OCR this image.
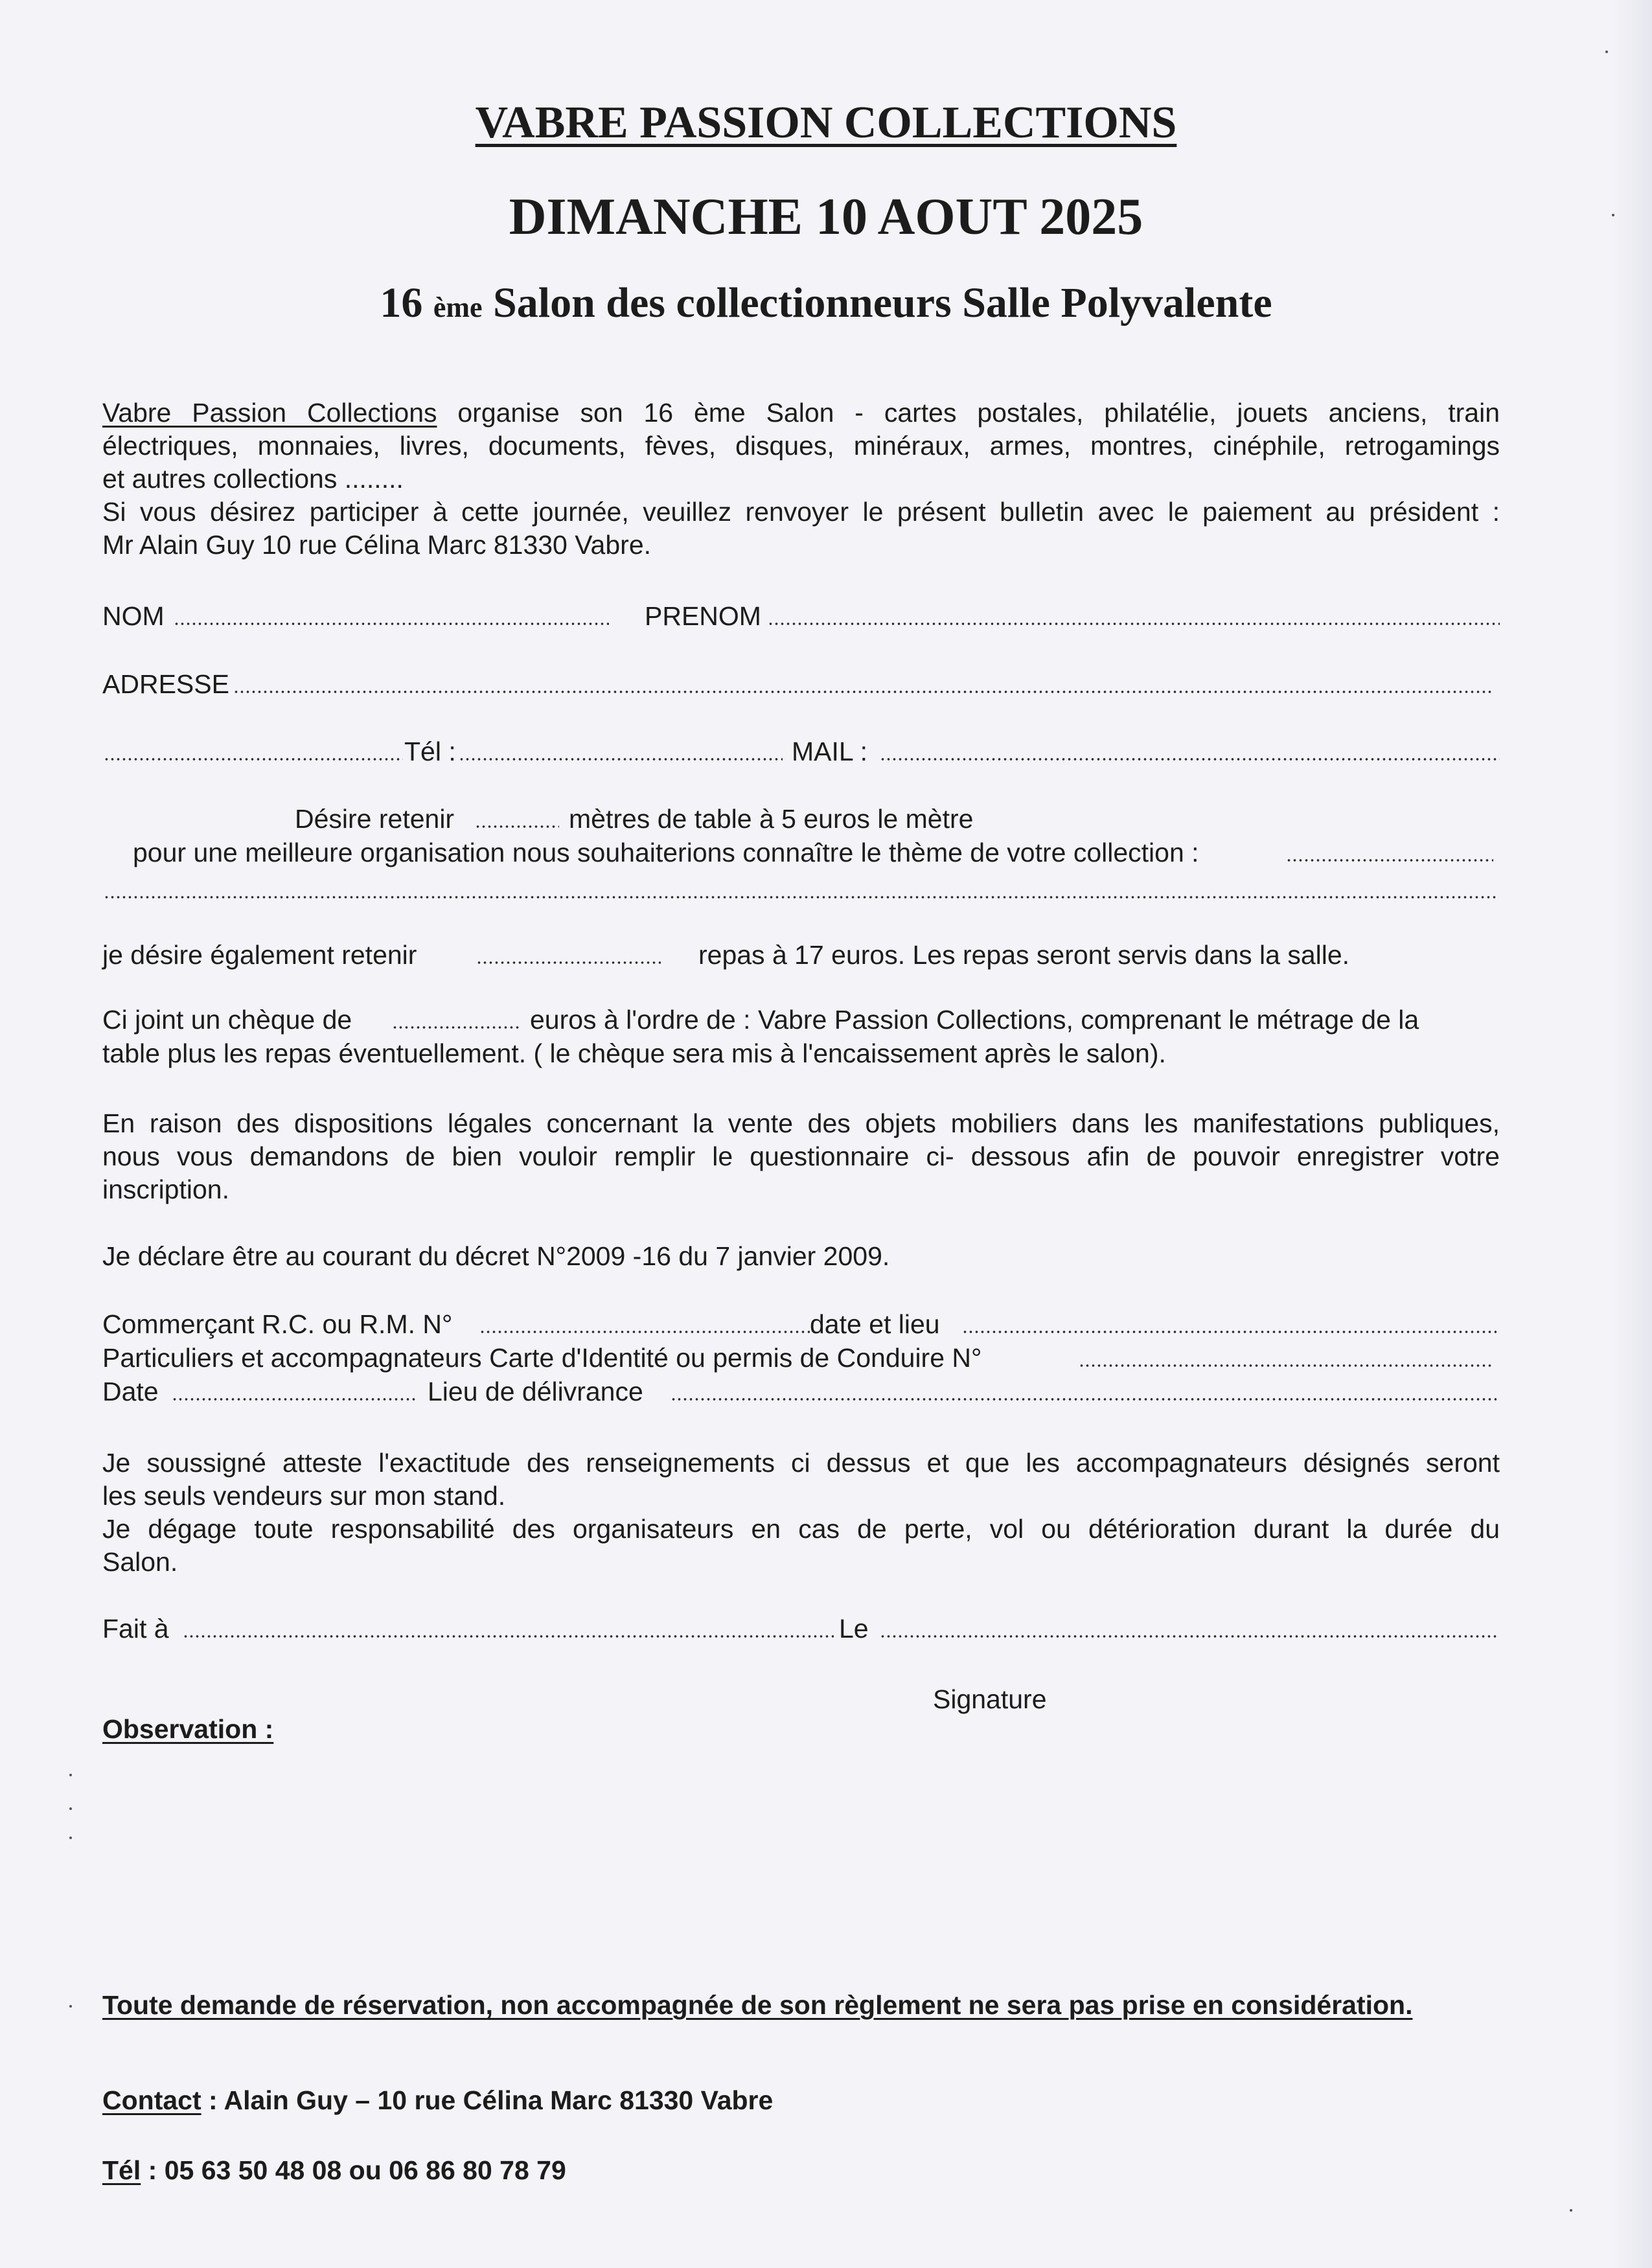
VABRE PASSION COLLECTIONS
DIMANCHE 10 AOUT 2025
16 ème Salon des collectionneurs Salle Polyvalente
Vabre Passion Collections organise son 16 ème Salon - cartes postales, philatélie, jouets anciens, train
électriques, monnaies, livres, documents, fèves, disques, minéraux, armes, montres, cinéphile, retrogamings
et autres collections ........
Si vous désirez participer à cette journée, veuillez renvoyer le présent bulletin avec le paiement au président :
Mr Alain Guy 10 rue Célina Marc 81330 Vabre.
NOM	PRENOM
ADRESSE
Tél :	MAIL :
Désire retenir	mètres de table à 5 euros le mètre
pour une meilleure organisation nous souhaiterions connaître le thème de votre collection :
je désire également retenir	repas à 17 euros. Les repas seront servis dans la salle.
Ci joint un chèque de	euros à l'ordre de : Vabre Passion Collections, comprenant le métrage de la
table plus les repas éventuellement. ( le chèque sera mis à l'encaissement après le salon).
En raison des dispositions légales concernant la vente des objets mobiliers dans les manifestations publiques,
nous vous demandons de bien vouloir remplir le questionnaire ci- dessous afin de pouvoir enregistrer votre
inscription.
Je déclare être au courant du décret N°2009 -16 du 7 janvier 2009.
Commerçant R.C. ou R.M. N°	date et lieu
Particuliers et accompagnateurs Carte d'Identité ou permis de Conduire N°
Date	Lieu de délivrance
Je soussigné atteste l'exactitude des renseignements ci dessus et que les accompagnateurs désignés seront
les seuls vendeurs sur mon stand.
Je dégage toute responsabilité des organisateurs en cas de perte, vol ou détérioration durant la durée du
Salon.
Fait à	Le
Signature
Observation :
Toute demande de réservation, non accompagnée de son règlement ne sera pas prise en considération.
Contact : Alain Guy – 10 rue Célina Marc 81330 Vabre
Tél : 05 63 50 48 08 ou 06 86 80 78 79
